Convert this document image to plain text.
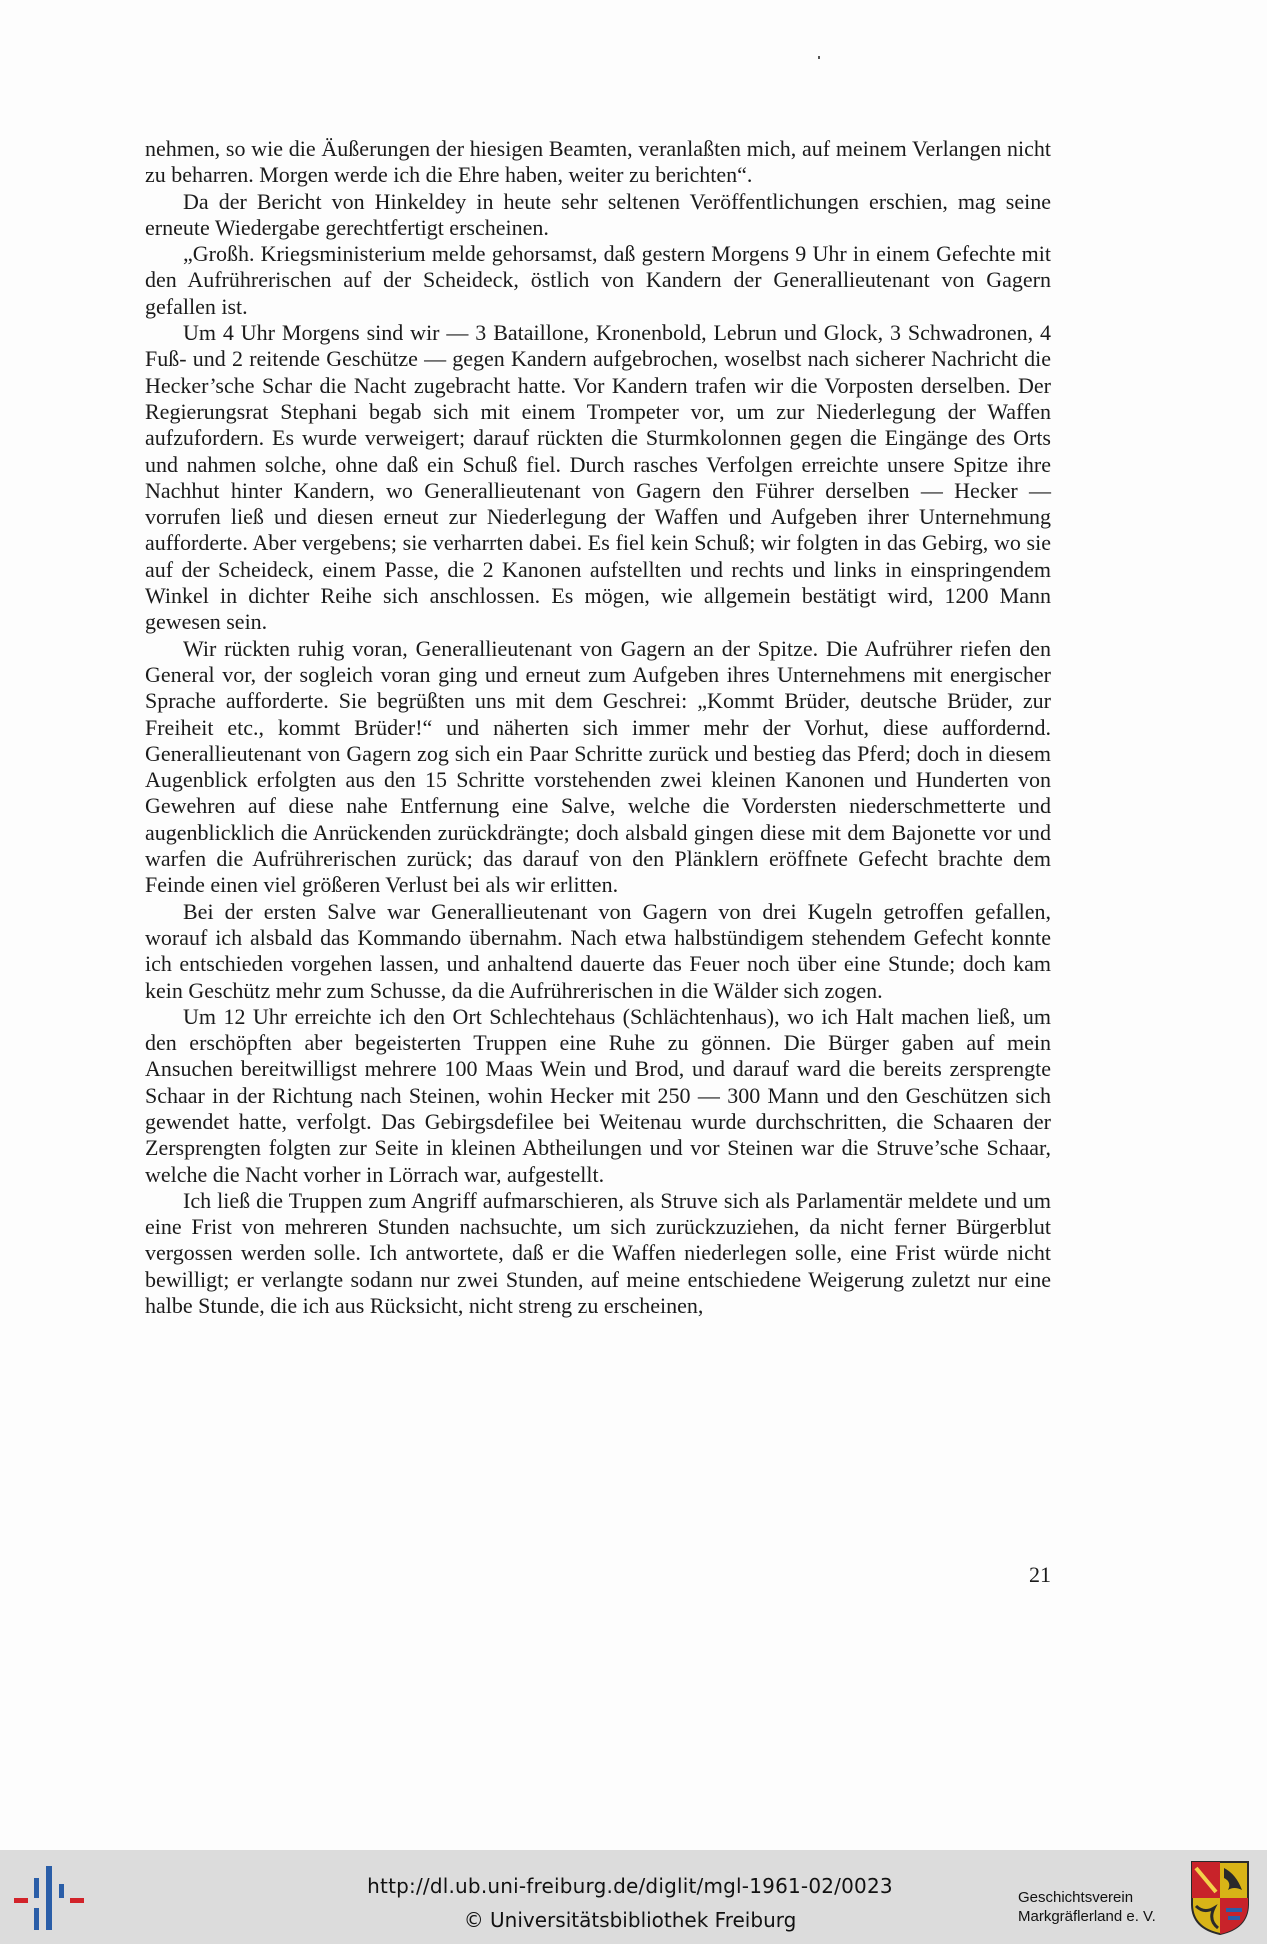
nehmen, so wie die Äußerungen der hiesigen Beamten, veranlaßten mich, auf meinem Verlangen nicht zu beharren. Morgen werde ich die Ehre haben, weiter zu berichten“.

Da der Bericht von Hinkeldey in heute sehr seltenen Veröffentlichungen erschien, mag seine erneute Wiedergabe gerechtfertigt erscheinen.

„Großh. Kriegsministerium melde gehorsamst, daß gestern Morgens 9 Uhr in einem Gefechte mit den Aufrührerischen auf der Scheideck, östlich von Kandern der Generallieutenant von Gagern gefallen ist.

Um 4 Uhr Morgens sind wir — 3 Bataillone, Kronenbold, Lebrun und Glock, 3 Schwadronen, 4 Fuß- und 2 reitende Geschütze — gegen Kandern aufgebrochen, woselbst nach sicherer Nachricht die Hecker’sche Schar die Nacht zugebracht hatte. Vor Kandern trafen wir die Vorposten derselben. Der Regierungsrat Stephani begab sich mit einem Trompeter vor, um zur Niederlegung der Waffen aufzufordern. Es wurde verweigert; darauf rückten die Sturmkolonnen gegen die Eingänge des Orts und nahmen solche, ohne daß ein Schuß fiel. Durch rasches Verfolgen erreichte unsere Spitze ihre Nachhut hinter Kandern, wo Generallieutenant von Gagern den Führer derselben — Hecker — vorrufen ließ und diesen erneut zur Niederlegung der Waffen und Aufgeben ihrer Unternehmung aufforderte. Aber vergebens; sie verharrten dabei. Es fiel kein Schuß; wir folgten in das Gebirg, wo sie auf der Scheideck, einem Passe, die 2 Kanonen aufstellten und rechts und links in einspringendem Winkel in dichter Reihe sich anschlossen. Es mögen, wie allgemein bestätigt wird, 1200 Mann gewesen sein.

Wir rückten ruhig voran, Generallieutenant von Gagern an der Spitze. Die Aufrührer riefen den General vor, der sogleich voran ging und erneut zum Aufgeben ihres Unternehmens mit energischer Sprache aufforderte. Sie begrüßten uns mit dem Geschrei: „Kommt Brüder, deutsche Brüder, zur Freiheit etc., kommt Brüder!“ und näherten sich immer mehr der Vorhut, diese auffordernd. Generallieutenant von Gagern zog sich ein Paar Schritte zurück und bestieg das Pferd; doch in diesem Augenblick erfolgten aus den 15 Schritte vorstehenden zwei kleinen Kanonen und Hunderten von Gewehren auf diese nahe Entfernung eine Salve, welche die Vordersten niederschmetterte und augenblicklich die Anrückenden zurückdrängte; doch alsbald gingen diese mit dem Bajonette vor und warfen die Aufrührerischen zurück; das darauf von den Plänklern eröffnete Gefecht brachte dem Feinde einen viel größeren Verlust bei als wir erlitten.

Bei der ersten Salve war Generallieutenant von Gagern von drei Kugeln getroffen gefallen, worauf ich alsbald das Kommando übernahm. Nach etwa halbstündigem stehendem Gefecht konnte ich entschieden vorgehen lassen, und anhaltend dauerte das Feuer noch über eine Stunde; doch kam kein Geschütz mehr zum Schusse, da die Aufrührerischen in die Wälder sich zogen.

Um 12 Uhr erreichte ich den Ort Schlechtehaus (Schlächtenhaus), wo ich Halt machen ließ, um den erschöpften aber begeisterten Truppen eine Ruhe zu gönnen. Die Bürger gaben auf mein Ansuchen bereitwilligst mehrere 100 Maas Wein und Brod, und darauf ward die bereits zersprengte Schaar in der Richtung nach Steinen, wohin Hecker mit 250 — 300 Mann und den Geschützen sich gewendet hatte, verfolgt. Das Gebirgsdefilee bei Weitenau wurde durchschritten, die Schaaren der Zersprengten folgten zur Seite in kleinen Abtheilungen und vor Steinen war die Struve’sche Schaar, welche die Nacht vorher in Lörrach war, aufgestellt.

Ich ließ die Truppen zum Angriff aufmarschieren, als Struve sich als Parlamentär meldete und um eine Frist von mehreren Stunden nachsuchte, um sich zurückzuziehen, da nicht ferner Bürgerblut vergossen werden solle. Ich antwortete, daß er die Waffen niederlegen solle, eine Frist würde nicht bewilligt; er verlangte sodann nur zwei Stunden, auf meine entschiedene Weigerung zuletzt nur eine halbe Stunde, die ich aus Rücksicht, nicht streng zu erscheinen,

21
http://dl.ub.uni-freiburg.de/diglit/mgl-1961-02/0023
© Universitätsbibliothek Freiburg
Geschichtsverein
Markgräflerland e. V.
